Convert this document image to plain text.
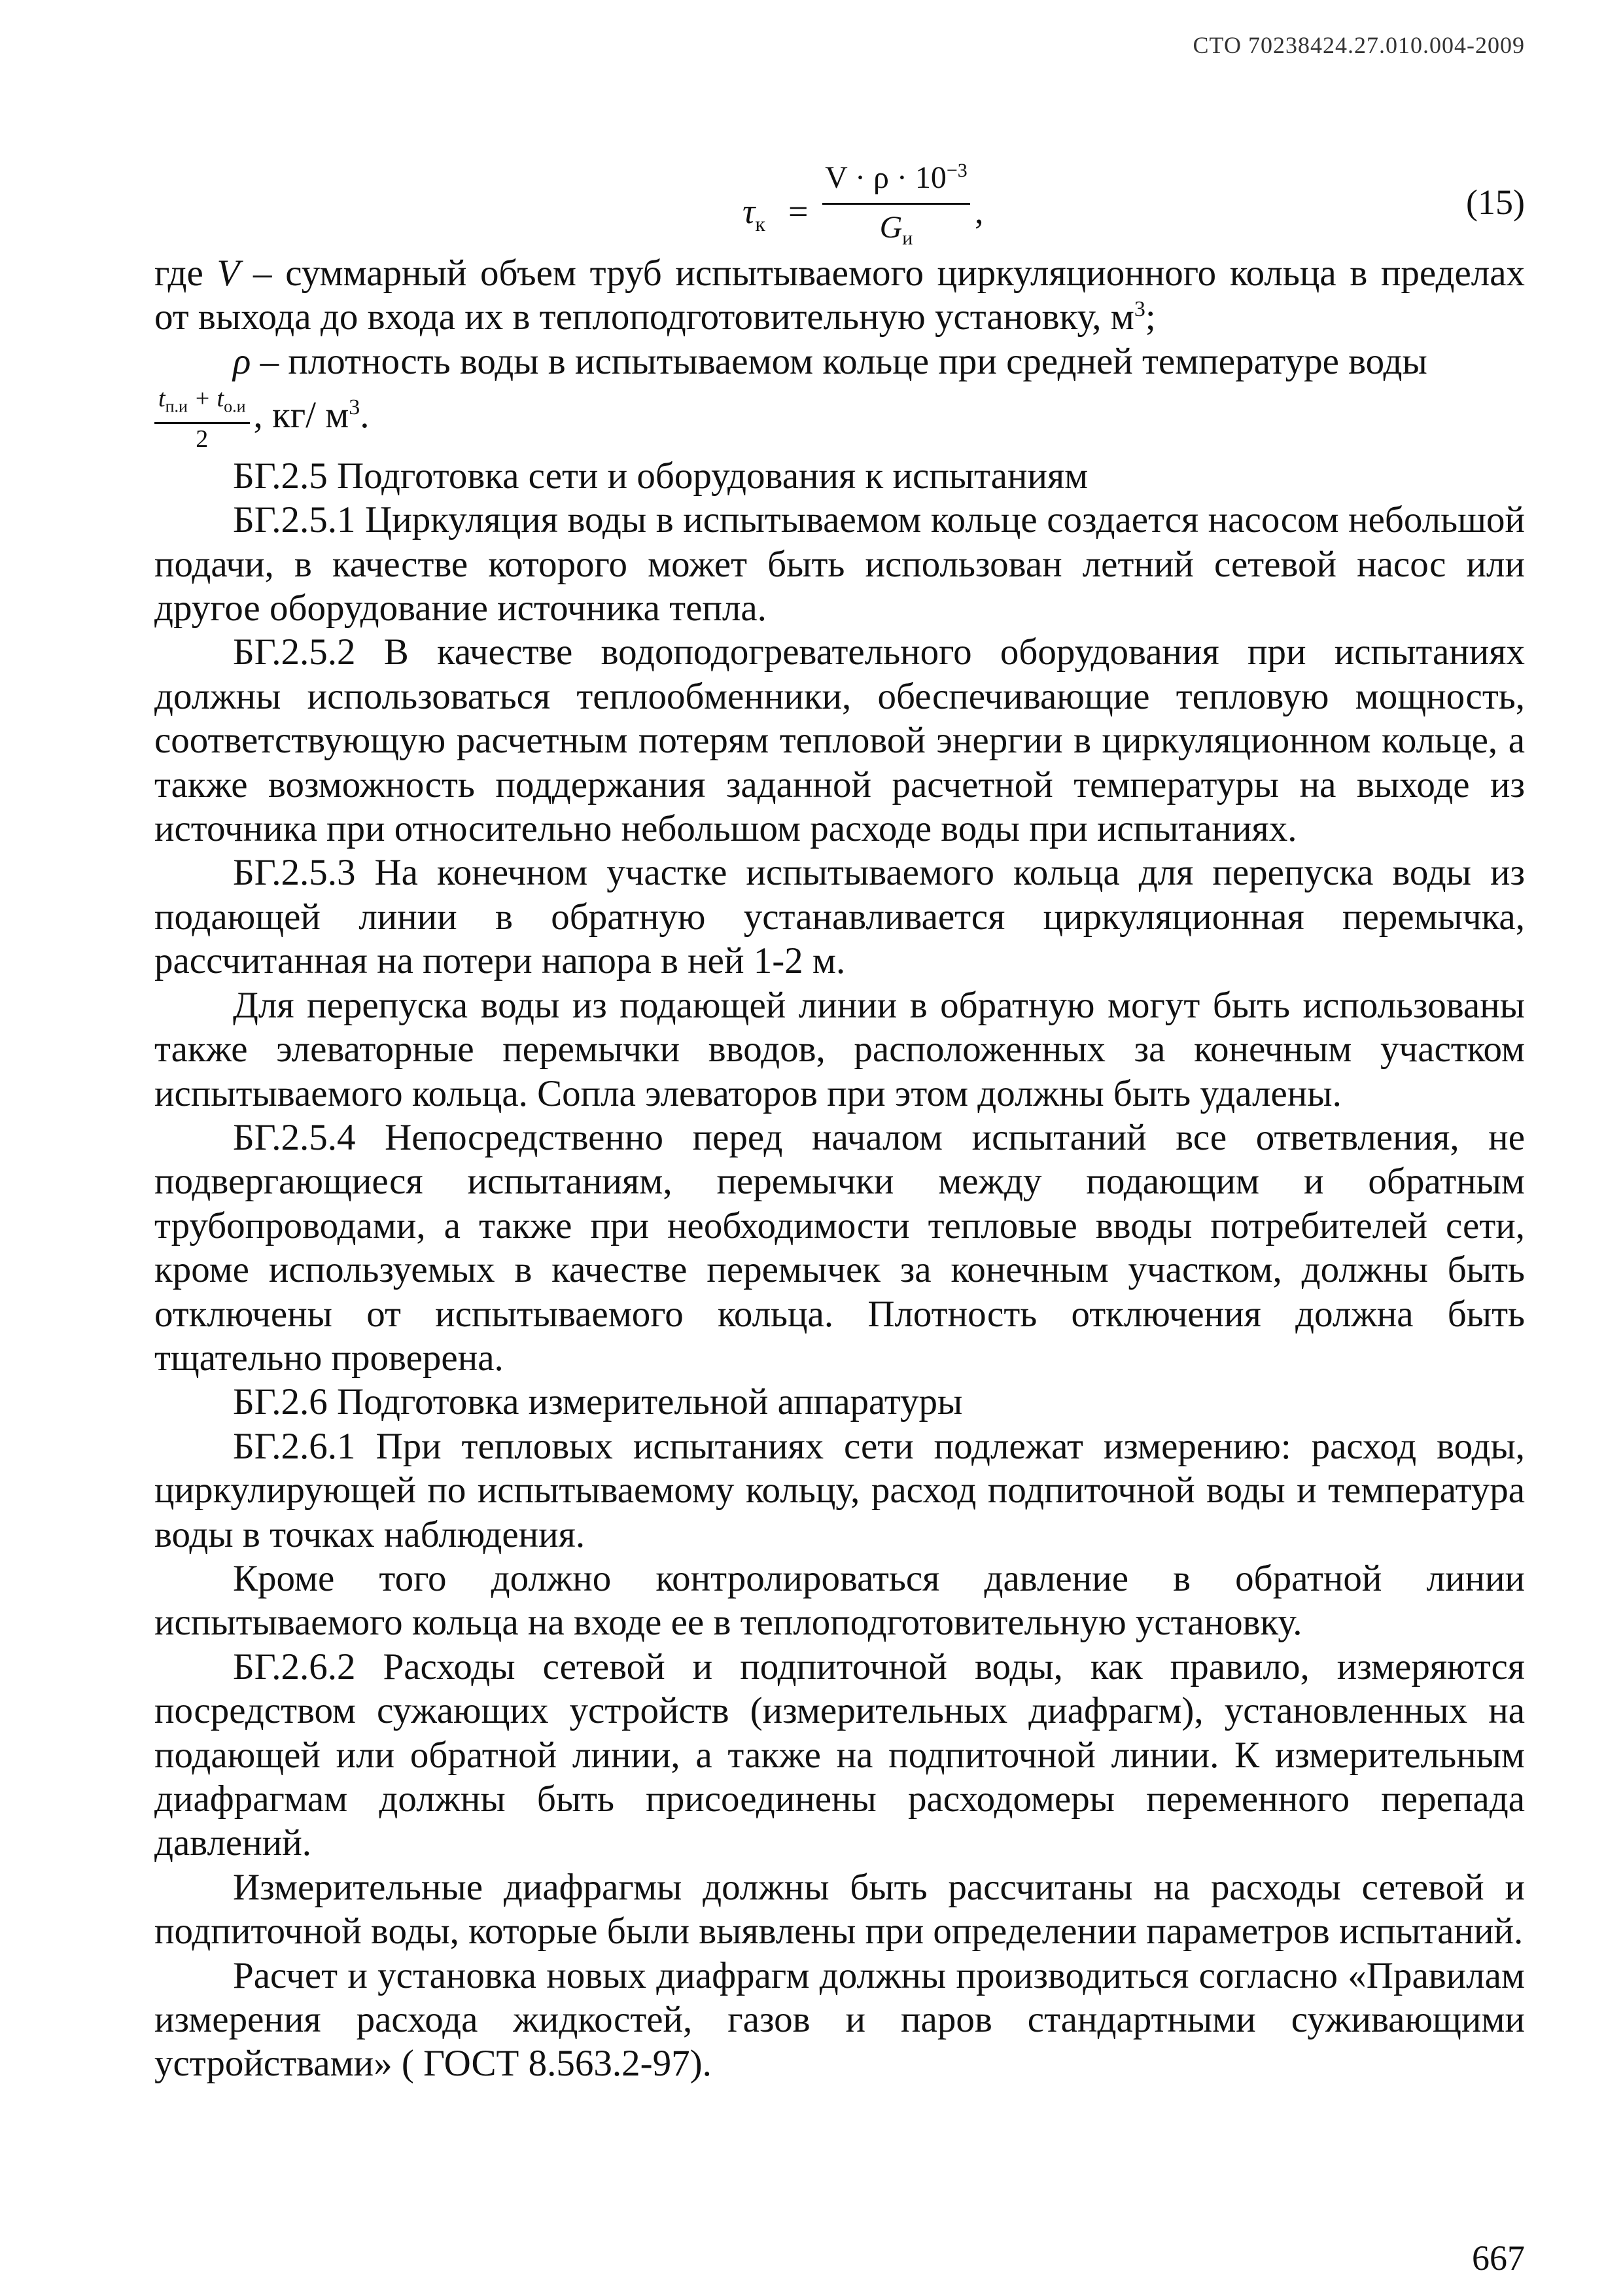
СТО 70238424.27.010.004-2009
$\tau_к$ =
$V \cdot \rho \cdot 10^{-3}$
$G_и$
,	(15)

где V – суммарный объем труб испытываемого циркуляционного кольца в пределах от выхода до входа их в теплоподготовительную установку, $м^3$;

ρ – плотность воды в испытываемом кольце при средней температуре воды

$\frac{t_{п.и} + t_{о.и}}{2}$ , кг/ $м^3$.

БГ.2.5 Подготовка сети и оборудования к испытаниям

БГ.2.5.1 Циркуляция воды в испытываемом кольце создается насосом небольшой подачи, в качестве которого может быть использован летний сетевой насос или другое оборудование источника тепла.

БГ.2.5.2 В качестве водоподогревательного оборудования при испытаниях должны использоваться теплообменники, обеспечивающие тепловую мощность, соответствующую расчетным потерям тепловой энергии в циркуляционном кольце, а также возможность поддержания заданной расчетной температуры на выходе из источника при относительно небольшом расходе воды при испытаниях.

БГ.2.5.3 На конечном участке испытываемого кольца для перепуска воды из подающей линии в обратную устанавливается циркуляционная перемычка, рассчитанная на потери напора в ней 1-2 м.

Для перепуска воды из подающей линии в обратную могут быть использованы также элеваторные перемычки вводов, расположенных за конечным участком испытываемого кольца. Сопла элеваторов при этом должны быть удалены.

БГ.2.5.4 Непосредственно перед началом испытаний все ответвления, не подвергающиеся испытаниям, перемычки между подающим и обратным трубопроводами, а также при необходимости тепловые вводы потребителей сети, кроме используемых в качестве перемычек за конечным участком, должны быть отключены от испытываемого кольца. Плотность отключения должна быть тщательно проверена.

БГ.2.6 Подготовка измерительной аппаратуры

БГ.2.6.1 При тепловых испытаниях сети подлежат измерению: расход воды, циркулирующей по испытываемому кольцу, расход подпиточной воды и температура воды в точках наблюдения.

Кроме того должно контролироваться давление в обратной линии испытываемого кольца на входе ее в теплоподготовительную установку.

БГ.2.6.2 Расходы сетевой и подпиточной воды, как правило, измеряются посредством сужающих устройств (измерительных диафрагм), установленных на подающей или обратной линии, а также на подпиточной линии. К измерительным диафрагмам должны быть присоединены расходомеры переменного перепада давлений.

Измерительные диафрагмы должны быть рассчитаны на расходы сетевой и подпиточной воды, которые были выявлены при определении параметров испытаний.

Расчет и установка новых диафрагм должны производиться согласно «Правилам измерения расхода жидкостей, газов и паров стандартными суживающими устройствами» ( ГОСТ 8.563.2-97).

667
